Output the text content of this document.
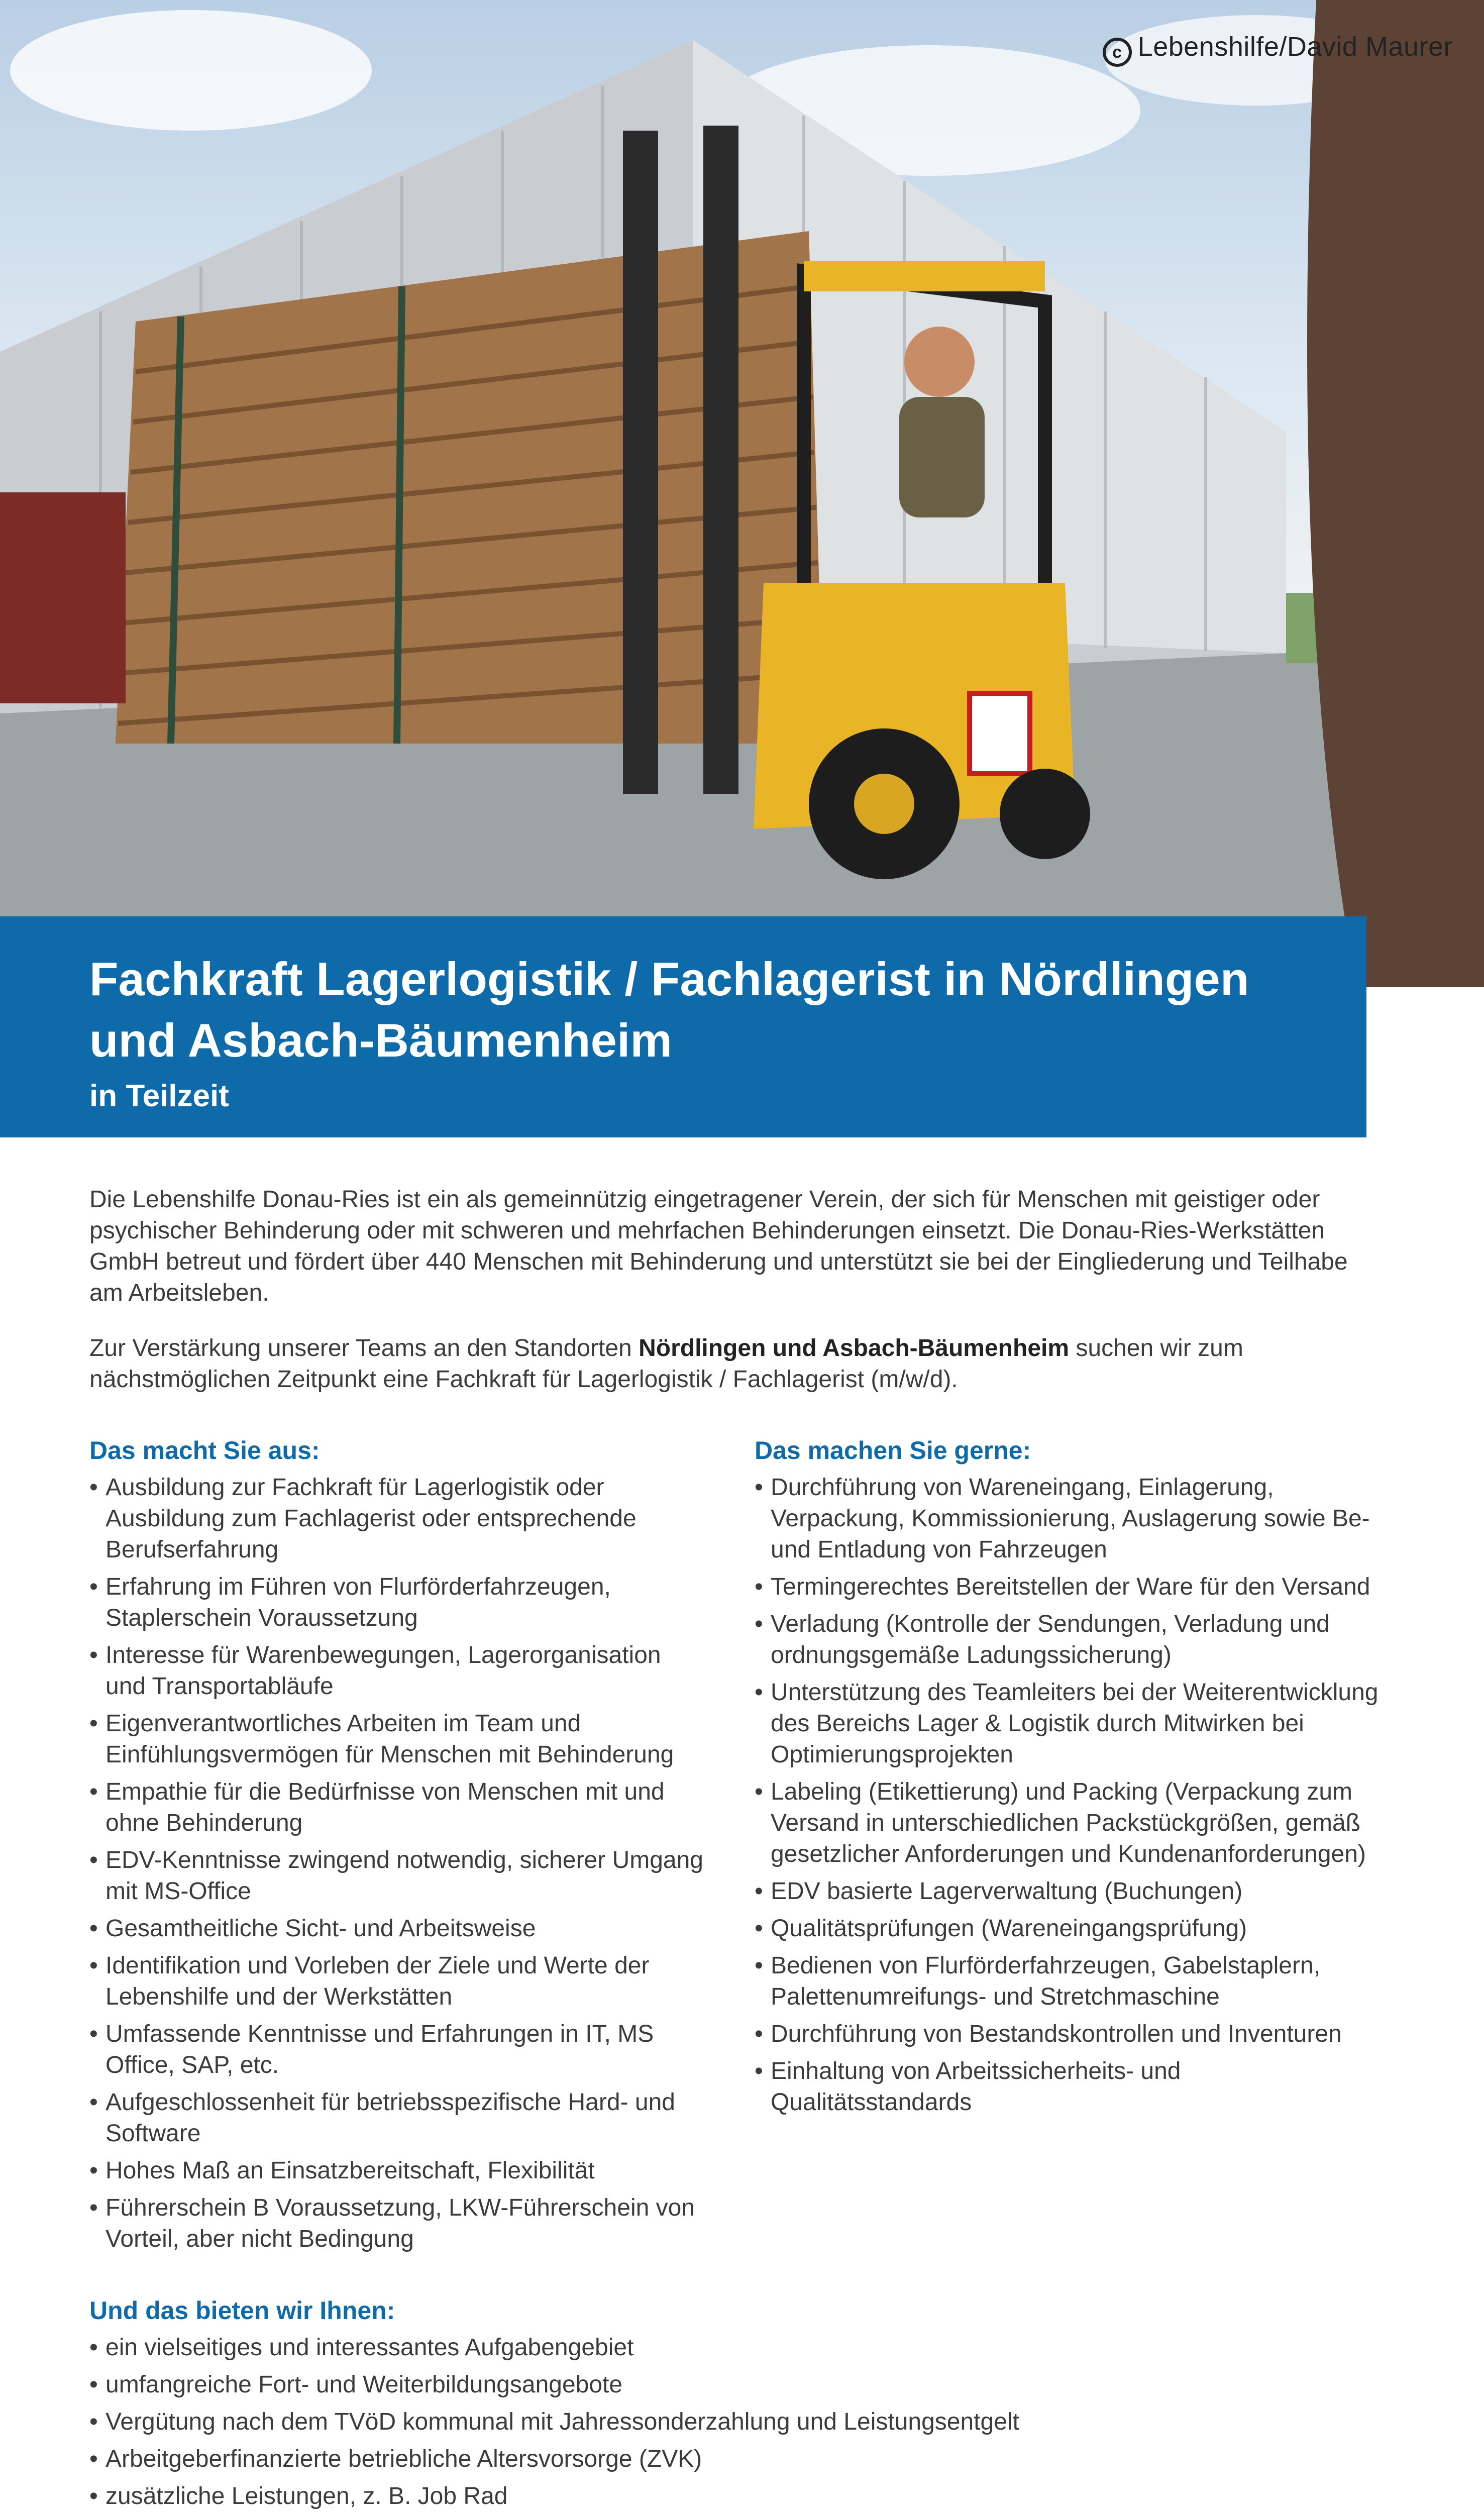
c Lebenshilfe/David Maurer
Fachkraft Lagerlogistik / Fachlagerist in Nördlingen und Asbach-Bäumenheim
in Teilzeit
Die Lebenshilfe Donau-Ries ist ein als gemeinnützig eingetragener Verein, der sich für Menschen mit geistiger oder psychischer Behinderung oder mit schweren und mehrfachen Behinderungen einsetzt. Die Donau-Ries-Werkstätten GmbH betreut und fördert über 440 Menschen mit Behinderung und unterstützt sie bei der Eingliederung und Teilhabe am Arbeitsleben.
Zur Verstärkung unserer Teams an den Standorten Nördlingen und Asbach-Bäumenheim suchen wir zum nächstmöglichen Zeitpunkt eine Fachkraft für Lagerlogistik / Fachlagerist (m/w/d).
Das macht Sie aus:
• Ausbildung zur Fachkraft für Lagerlogistik oder Ausbildung zum Fachlagerist oder entsprechende Berufserfahrung
• Erfahrung im Führen von Flurförderfahrzeugen, Staplerschein Voraussetzung
• Interesse für Warenbewegungen, Lagerorganisation und Transportabläufe
• Eigenverantwortliches Arbeiten im Team und Einfühlungsvermögen für Menschen mit Behinderung
• Empathie für die Bedürfnisse von Menschen mit und ohne Behinderung
• EDV-Kenntnisse zwingend notwendig, sicherer Umgang mit MS-Office
• Gesamtheitliche Sicht- und Arbeitsweise
• Identifikation und Vorleben der Ziele und Werte der Lebenshilfe und der Werkstätten
• Umfassende Kenntnisse und Erfahrungen in IT, MS Office, SAP, etc.
• Aufgeschlossenheit für betriebsspezifische Hard- und Software
• Hohes Maß an Einsatzbereitschaft, Flexibilität
• Führerschein B Voraussetzung, LKW-Führerschein von Vorteil, aber nicht Bedingung
Das machen Sie gerne:
• Durchführung von Wareneingang, Einlagerung, Verpackung, Kommissionierung, Auslagerung sowie Be- und Entladung von Fahrzeugen
• Termingerechtes Bereitstellen der Ware für den Versand
• Verladung (Kontrolle der Sendungen, Verladung und ordnungsgemäße Ladungssicherung)
• Unterstützung des Teamleiters bei der Weiterentwicklung des Bereichs Lager & Logistik durch Mitwirken bei Optimierungsprojekten
• Labeling (Etikettierung) und Packing (Verpackung zum Versand in unterschiedlichen Packstückgrößen, gemäß gesetzlicher Anforderungen und Kundenanforderungen)
• EDV basierte Lagerverwaltung (Buchungen)
• Qualitätsprüfungen (Wareneingangsprüfung)
• Bedienen von Flurförderfahrzeugen, Gabelstaplern, Palettenumreifungs- und Stretchmaschine
• Durchführung von Bestandskontrollen und Inventuren
• Einhaltung von Arbeitssicherheits- und Qualitätsstandards
Und das bieten wir Ihnen:
• ein vielseitiges und interessantes Aufgabengebiet
• umfangreiche Fort- und Weiterbildungsangebote
• Vergütung nach dem TVöD kommunal mit Jahressonderzahlung und Leistungsentgelt
• Arbeitgeberfinanzierte betriebliche Altersvorsorge (ZVK)
• zusätzliche Leistungen, z. B. Job Rad
